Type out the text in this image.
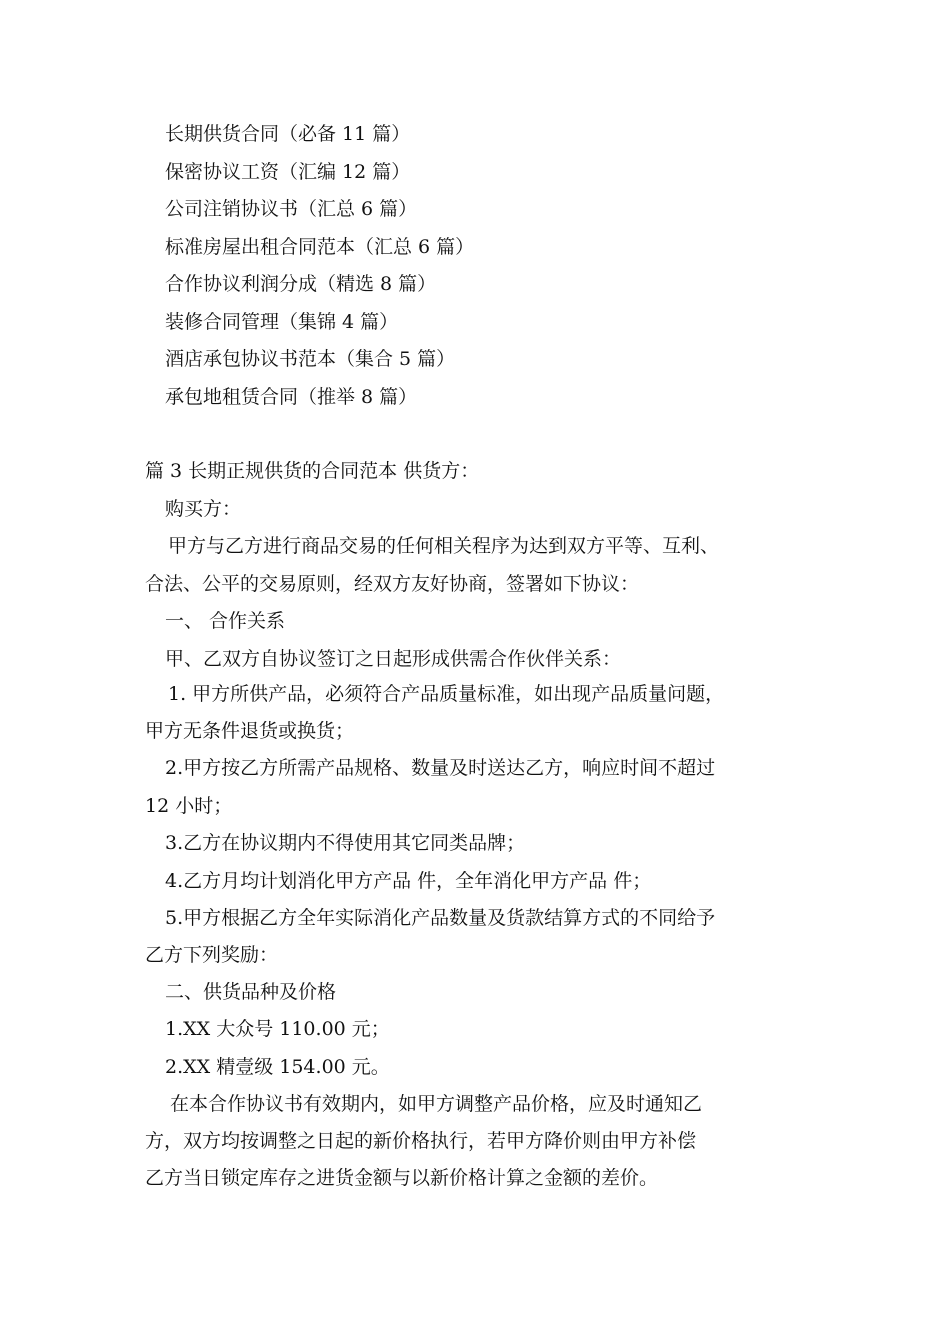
长期供货合同（必备 11 篇）
保密协议工资（汇编 12 篇）
公司注销协议书（汇总 6 篇）
标准房屋出租合同范本（汇总 6 篇）
合作协议利润分成（精选 8 篇）
装修合同管理（集锦 4 篇）
酒店承包协议书范本（集合 5 篇）
承包地租赁合同（推举 8 篇）
篇 3 长期正规供货的合同范本 供货方：
购买方：
甲方与乙方进行商品交易的任何相关程序为达到双方平等、互利、
合法、公平的交易原则，经双方友好协商，签署如下协议：
一、 合作关系
甲、乙双方自协议签订之日起形成供需合作伙伴关系：
1. 甲方所供产品，必须符合产品质量标准，如出现产品质量问题，
甲方无条件退货或换货；
2.甲方按乙方所需产品规格、数量及时送达乙方，响应时间不超过
12 小时；
3.乙方在协议期内不得使用其它同类品牌；
4.乙方月均计划消化甲方产品 件，全年消化甲方产品 件；
5.甲方根据乙方全年实际消化产品数量及货款结算方式的不同给予
乙方下列奖励：
二、供货品种及价格
1.XX 大众号 110.00 元；
2.XX 精壹级 154.00 元。
在本合作协议书有效期内，如甲方调整产品价格，应及时通知乙
方，双方均按调整之日起的新价格执行，若甲方降价则由甲方补偿
乙方当日锁定库存之进货金额与以新价格计算之金额的差价。
